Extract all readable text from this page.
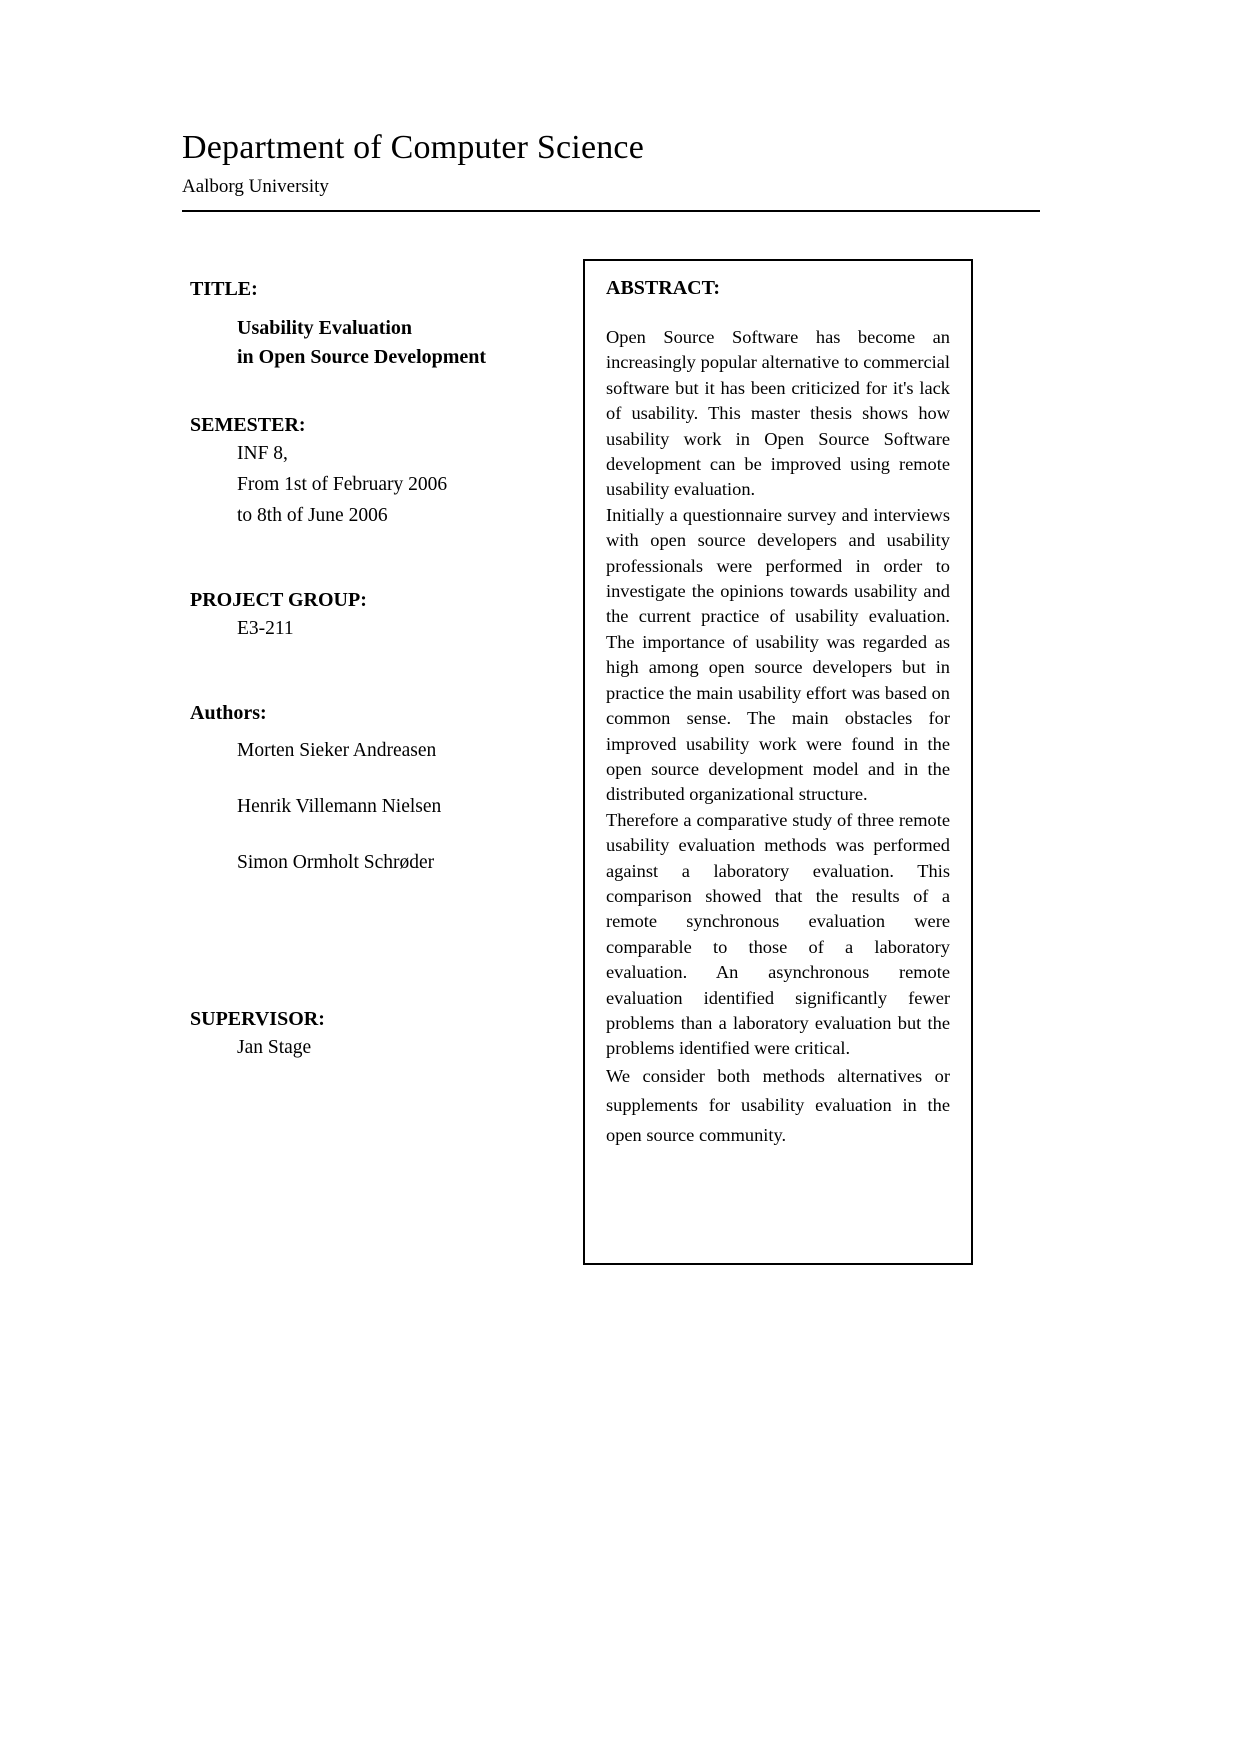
Department of Computer Science
Aalborg University
TITLE:
Usability Evaluation
in Open Source Development
SEMESTER:
INF 8,
From 1st of February 2006
to 8th of June 2006
PROJECT GROUP:
E3-211
Authors:
Morten Sieker Andreasen
Henrik Villemann Nielsen
Simon Ormholt Schrøder
SUPERVISOR:
Jan Stage
ABSTRACT:

Open Source Software has become an increasingly popular alternative to commercial software but it has been criticized for it's lack of usability. This master thesis shows how usability work in Open Source Software development can be improved using remote usability evaluation.

Initially a questionnaire survey and interviews with open source developers and usability professionals were performed in order to investigate the opinions towards usability and the current practice of usability evaluation. The importance of usability was regarded as high among open source developers but in practice the main usability effort was based on common sense. The main obstacles for improved usability work were found in the open source development model and in the distributed organizational structure.

Therefore a comparative study of three remote usability evaluation methods was performed against a laboratory evaluation. This comparison showed that the results of a remote synchronous evaluation were comparable to those of a laboratory evaluation. An asynchronous remote evaluation identified significantly fewer problems than a laboratory evaluation but the problems identified were critical.

We consider both methods alternatives or supplements for usability evaluation in the open source community.
